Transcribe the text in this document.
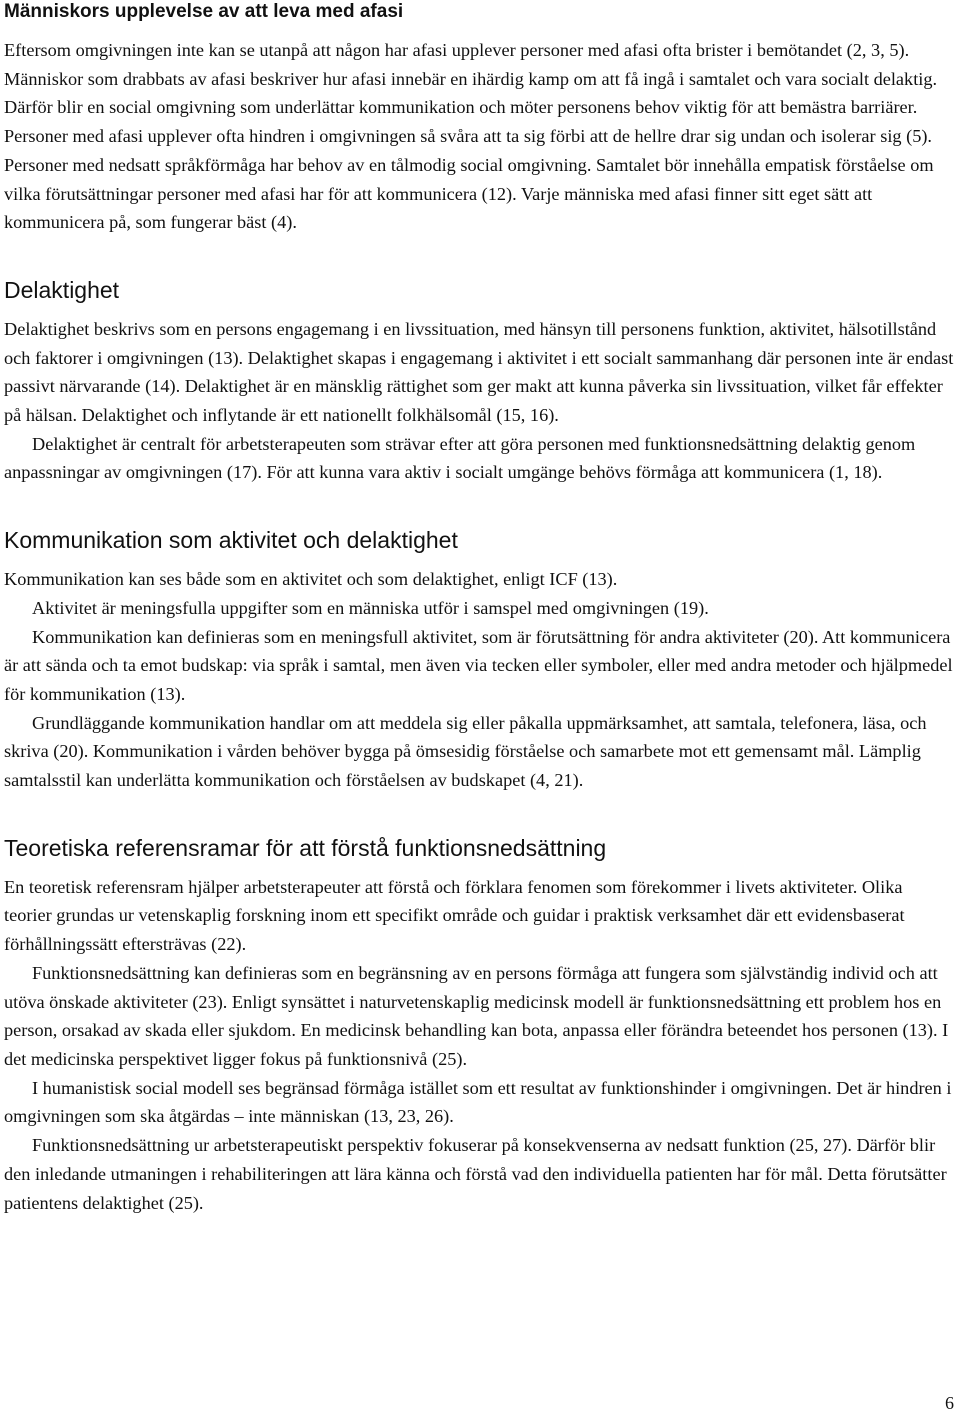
Människors upplevelse av att leva med afasi

Eftersom omgivningen inte kan se utanpå att någon har afasi upplever personer med afasi ofta brister i bemötandet (2, 3, 5). Människor som drabbats av afasi beskriver hur afasi innebär en ihärdig kamp om att få ingå i samtalet och vara socialt delaktig. Därför blir en social omgivning som underlättar kommunikation och möter personens behov viktig för att bemästra barriärer. Personer med afasi upplever ofta hindren i omgivningen så svåra att ta sig förbi att de hellre drar sig undan och isolerar sig (5). Personer med nedsatt språkförmåga har behov av en tålmodig social omgivning. Samtalet bör innehålla empatisk förståelse om vilka förutsättningar personer med afasi har för att kommunicera (12). Varje människa med afasi finner sitt eget sätt att kommunicera på, som fungerar bäst (4).

Delaktighet

Delaktighet beskrivs som en persons engagemang i en livssituation, med hänsyn till personens funktion, aktivitet, hälsotillstånd och faktorer i omgivningen (13). Delaktighet skapas i engagemang i aktivitet i ett socialt sammanhang där personen inte är endast passivt närvarande (14). Delaktighet är en mänsklig rättighet som ger makt att kunna påverka sin livssituation, vilket får effekter på hälsan. Delaktighet och inflytande är ett nationellt folkhälsomål (15, 16).

Delaktighet är centralt för arbetsterapeuten som strävar efter att göra personen med funktionsnedsättning delaktig genom anpassningar av omgivningen (17). För att kunna vara aktiv i socialt umgänge behövs förmåga att kommunicera (1, 18).

Kommunikation som aktivitet och delaktighet

Kommunikation kan ses både som en aktivitet och som delaktighet, enligt ICF (13).

Aktivitet är meningsfulla uppgifter som en människa utför i samspel med omgivningen (19).

Kommunikation kan definieras som en meningsfull aktivitet, som är förutsättning för andra aktiviteter (20). Att kommunicera är att sända och ta emot budskap: via språk i samtal, men även via tecken eller symboler, eller med andra metoder och hjälpmedel för kommunikation (13).

Grundläggande kommunikation handlar om att meddela sig eller påkalla uppmärksamhet, att samtala, telefonera, läsa, och skriva (20). Kommunikation i vården behöver bygga på ömsesidig förståelse och samarbete mot ett gemensamt mål. Lämplig samtalsstil kan underlätta kommunikation och förståelsen av budskapet (4, 21).

Teoretiska referensramar för att förstå funktionsnedsättning

En teoretisk referensram hjälper arbetsterapeuter att förstå och förklara fenomen som förekommer i livets aktiviteter. Olika teorier grundas ur vetenskaplig forskning inom ett specifikt område och guidar i praktisk verksamhet där ett evidensbaserat förhållningssätt eftersträvas (22).

Funktionsnedsättning kan definieras som en begränsning av en persons förmåga att fungera som självständig individ och att utöva önskade aktiviteter (23). Enligt synsättet i naturvetenskaplig medicinsk modell är funktionsnedsättning ett problem hos en person, orsakad av skada eller sjukdom. En medicinsk behandling kan bota, anpassa eller förändra beteendet hos personen (13). I det medicinska perspektivet ligger fokus på funktionsnivå (25).

I humanistisk social modell ses begränsad förmåga istället som ett resultat av funktionshinder i omgivningen. Det är hindren i omgivningen som ska åtgärdas – inte människan (13, 23, 26).

Funktionsnedsättning ur arbetsterapeutiskt perspektiv fokuserar på konsekvenserna av nedsatt funktion (25, 27). Därför blir den inledande utmaningen i rehabiliteringen att lära känna och förstå vad den individuella patienten har för mål. Detta förutsätter patientens delaktighet (25).

6
